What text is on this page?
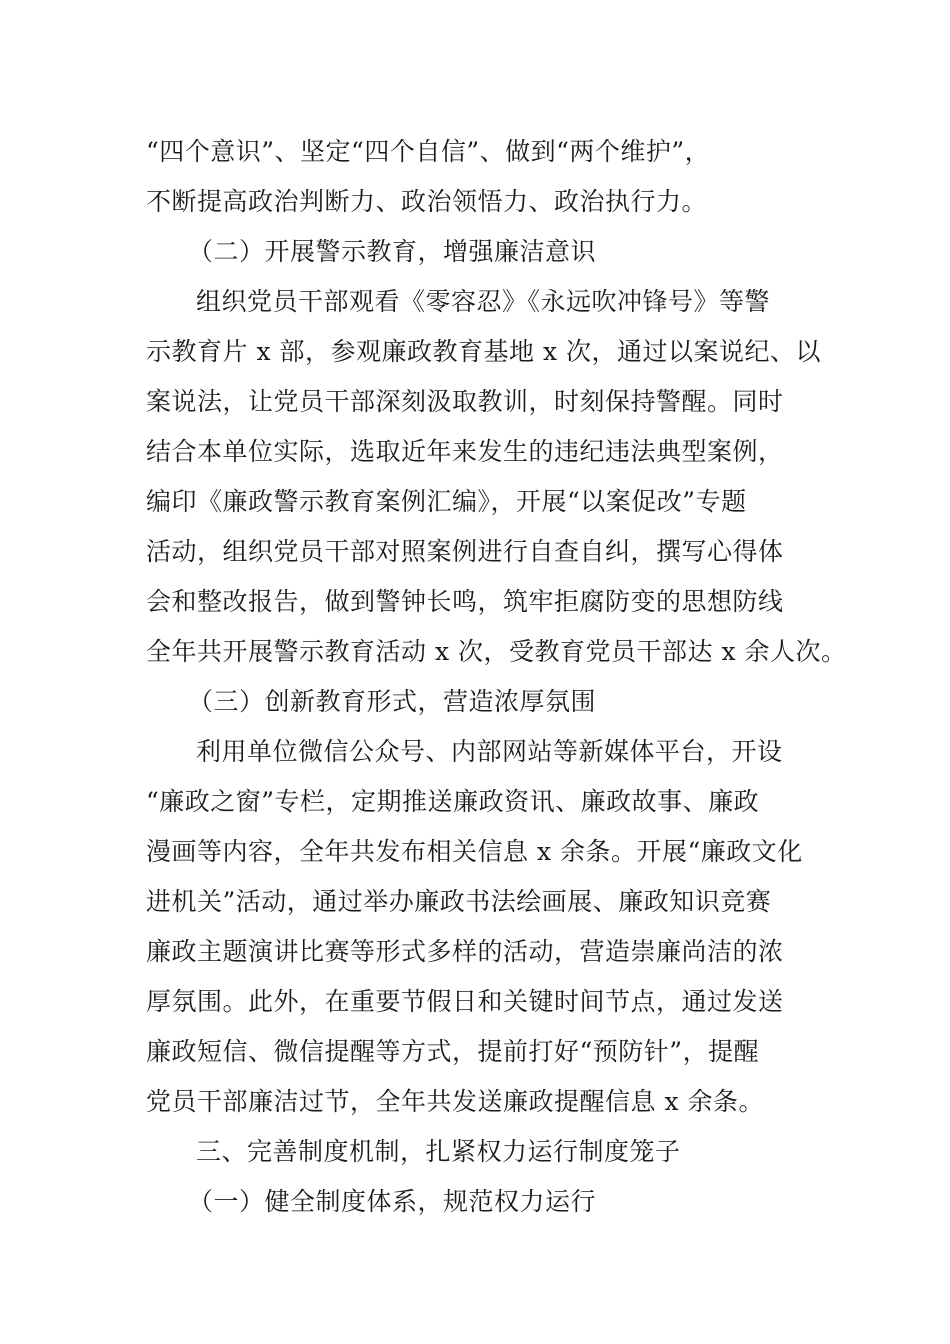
“四个意识”、坚定“四个自信”、做到“两个维护”，
不断提高政治判断力、政治领悟力、政治执行力。
（二）开展警示教育，增强廉洁意识
组织党员干部观看《零容忍》《永远吹冲锋号》等警
示教育片 x 部，参观廉政教育基地 x 次，通过以案说纪、以
案说法，让党员干部深刻汲取教训，时刻保持警醒。同时
结合本单位实际，选取近年来发生的违纪违法典型案例，
编印《廉政警示教育案例汇编》，开展“以案促改”专题
活动，组织党员干部对照案例进行自查自纠，撰写心得体
会和整改报告，做到警钟长鸣，筑牢拒腐防变的思想防线
全年共开展警示教育活动 x 次，受教育党员干部达 x 余人次。
（三）创新教育形式，营造浓厚氛围
利用单位微信公众号、内部网站等新媒体平台，开设
“廉政之窗”专栏，定期推送廉政资讯、廉政故事、廉政
漫画等内容，全年共发布相关信息 x 余条。开展“廉政文化
进机关”活动，通过举办廉政书法绘画展、廉政知识竞赛
廉政主题演讲比赛等形式多样的活动，营造崇廉尚洁的浓
厚氛围。此外，在重要节假日和关键时间节点，通过发送
廉政短信、微信提醒等方式，提前打好“预防针”，提醒
党员干部廉洁过节，全年共发送廉政提醒信息 x 余条。
三、完善制度机制，扎紧权力运行制度笼子
（一）健全制度体系，规范权力运行
